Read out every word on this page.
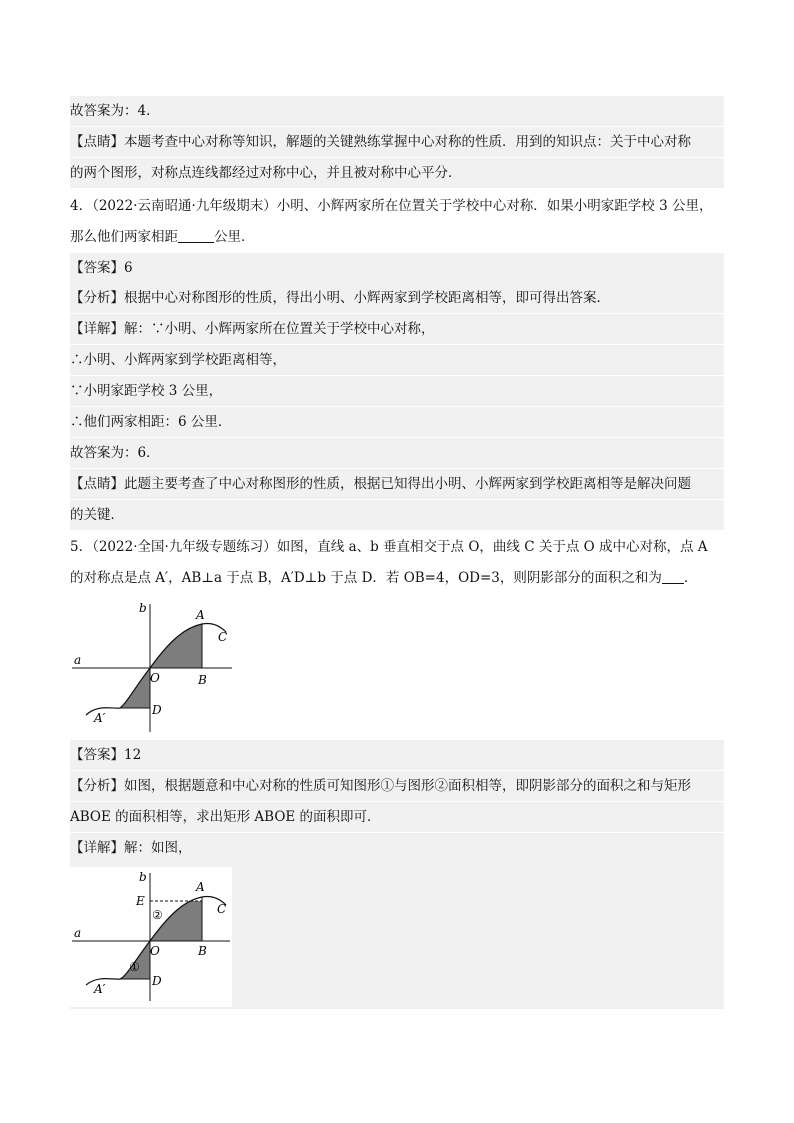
故答案为：4．
【点睛】本题考查中心对称等知识，解题的关键熟练掌握中心对称的性质．用到的知识点：关于中心对称
的两个图形，对称点连线都经过对称中心，并且被对称中心平分．
4．（2022·云南昭通·九年级期末）小明、小辉两家所在位置关于学校中心对称．如果小明家距学校 3 公里，
那么他们两家相距	公里．
【答案】6
【分析】根据中心对称图形的性质，得出小明、小辉两家到学校距离相等，即可得出答案．
【详解】解：∵小明、小辉两家所在位置关于学校中心对称，
∴小明、小辉两家到学校距离相等，
∵小明家距学校 3 公里，
∴他们两家相距：6 公里．
故答案为：6．
【点睛】此题主要考查了中心对称图形的性质，根据已知得出小明、小辉两家到学校距离相等是解决问题
的关键．
5．（2022·全国·九年级专题练习）如图，直线 a、b 垂直相交于点 O，曲线 C 关于点 O 成中心对称，点 A
的对称点是点 A′，AB⊥a 于点 B，A′D⊥b 于点 D．若 OB=4，OD=3，则阴影部分的面积之和为 ．
b	A
C
a
O	B
A′
D
【答案】12
【分析】如图，根据题意和中心对称的性质可知图形①与图形②面积相等，即阴影部分的面积之和与矩形
ABOE 的面积相等，求出矩形 ABOE 的面积即可．
【详解】解：如图，
b
E
A
C
a
O	B
A′
D
②
①
